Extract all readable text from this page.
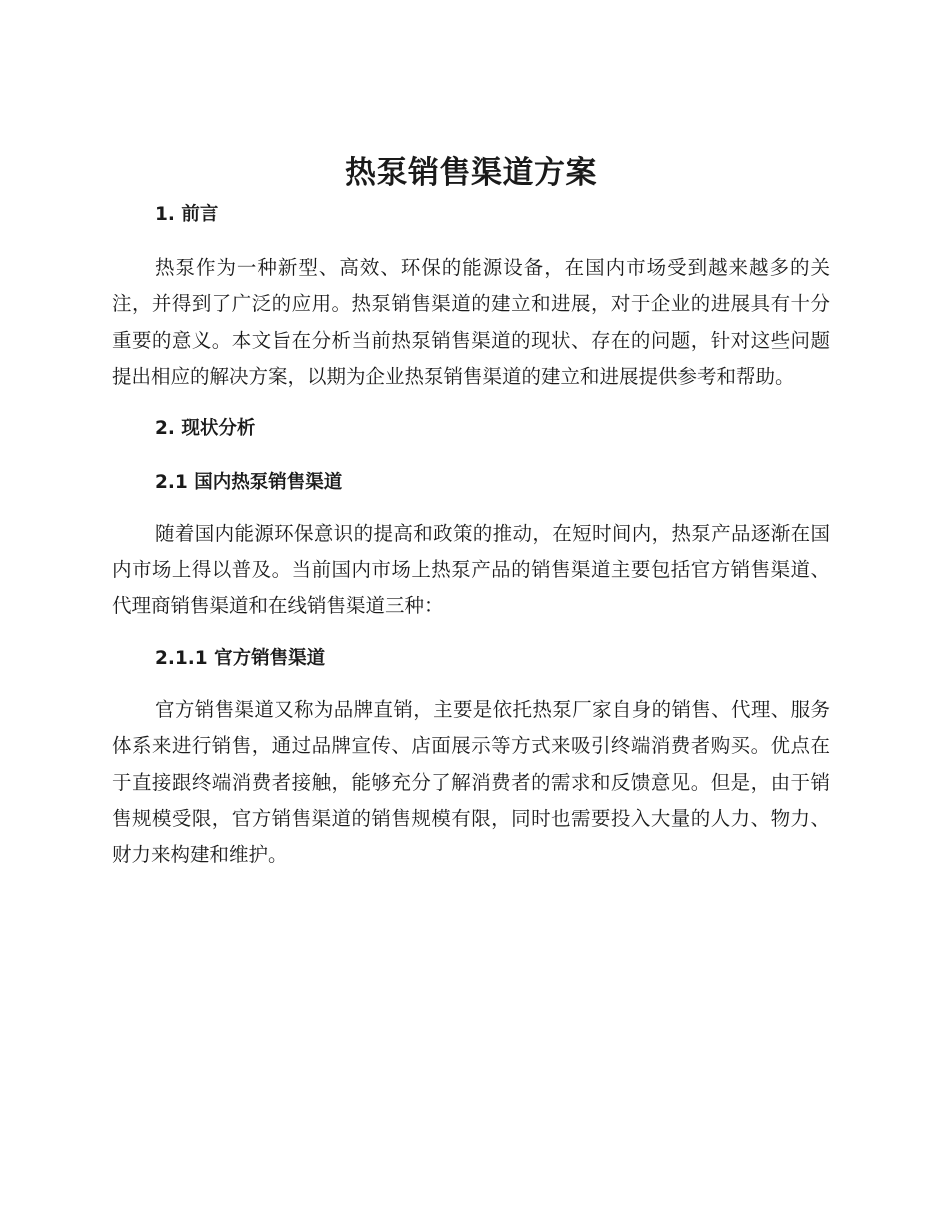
热泵销售渠道方案
1. 前言

热泵作为一种新型、高效、环保的能源设备，在国内市场受到越来越多的关注，并得到了广泛的应用。热泵销售渠道的建立和进展，对于企业的进展具有十分重要的意义。本文旨在分析当前热泵销售渠道的现状、存在的问题，针对这些问题提出相应的解决方案，以期为企业热泵销售渠道的建立和进展提供参考和帮助。

2. 现状分析
2.1 国内热泵销售渠道

随着国内能源环保意识的提高和政策的推动，在短时间内，热泵产品逐渐在国内市场上得以普及。当前国内市场上热泵产品的销售渠道主要包括官方销售渠道、代理商销售渠道和在线销售渠道三种：

2.1.1 官方销售渠道

官方销售渠道又称为品牌直销，主要是依托热泵厂家自身的销售、代理、服务体系来进行销售，通过品牌宣传、店面展示等方式来吸引终端消费者购买。优点在于直接跟终端消费者接触，能够充分了解消费者的需求和反馈意见。但是，由于销售规模受限，官方销售渠道的销售规模有限，同时也需要投入大量的人力、物力、财力来构建和维护。
